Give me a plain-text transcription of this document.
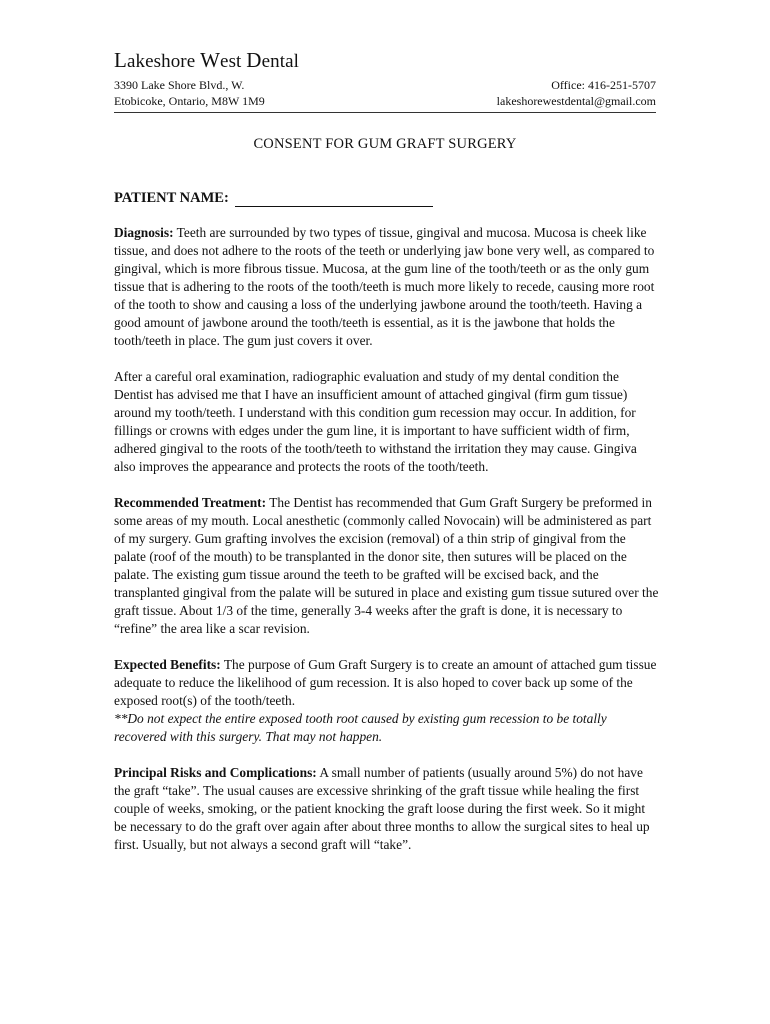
Lakeshore West Dental
3390 Lake Shore Blvd., W.	Office: 416-251-5707
Etobicoke, Ontario, M8W 1M9	lakeshorewestdental@gmail.com
CONSENT FOR GUM GRAFT SURGERY
PATIENT NAME:

Diagnosis: Teeth are surrounded by two types of tissue, gingival and mucosa. Mucosa is cheek like tissue, and does not adhere to the roots of the teeth or underlying jaw bone very well, as compared to gingival, which is more fibrous tissue. Mucosa, at the gum line of the tooth/teeth or as the only gum tissue that is adhering to the roots of the tooth/teeth is much more likely to recede, causing more root of the tooth to show and causing a loss of the underlying jawbone around the tooth/teeth. Having a good amount of jawbone around the tooth/teeth is essential, as it is the jawbone that holds the tooth/teeth in place. The gum just covers it over.

After a careful oral examination, radiographic evaluation and study of my dental condition the Dentist has advised me that I have an insufficient amount of attached gingival (firm gum tissue) around my tooth/teeth. I understand with this condition gum recession may occur. In addition, for fillings or crowns with edges under the gum line, it is important to have sufficient width of firm, adhered gingival to the roots of the tooth/teeth to withstand the irritation they may cause. Gingiva also improves the appearance and protects the roots of the tooth/teeth.

Recommended Treatment: The Dentist has recommended that Gum Graft Surgery be preformed in some areas of my mouth. Local anesthetic (commonly called Novocain) will be administered as part of my surgery. Gum grafting involves the excision (removal) of a thin strip of gingival from the palate (roof of the mouth) to be transplanted in the donor site, then sutures will be placed on the palate. The existing gum tissue around the teeth to be grafted will be excised back, and the transplanted gingival from the palate will be sutured in place and existing gum tissue sutured over the graft tissue. About 1/3 of the time, generally 3-4 weeks after the graft is done, it is necessary to “refine” the area like a scar revision.

Expected Benefits: The purpose of Gum Graft Surgery is to create an amount of attached gum tissue adequate to reduce the likelihood of gum recession. It is also hoped to cover back up some of the exposed root(s) of the tooth/teeth.
**Do not expect the entire exposed tooth root caused by existing gum recession to be totally recovered with this surgery. That may not happen.

Principal Risks and Complications: A small number of patients (usually around 5%) do not have the graft “take”. The usual causes are excessive shrinking of the graft tissue while healing the first couple of weeks, smoking, or the patient knocking the graft loose during the first week. So it might be necessary to do the graft over again after about three months to allow the surgical sites to heal up first. Usually, but not always a second graft will “take”.
